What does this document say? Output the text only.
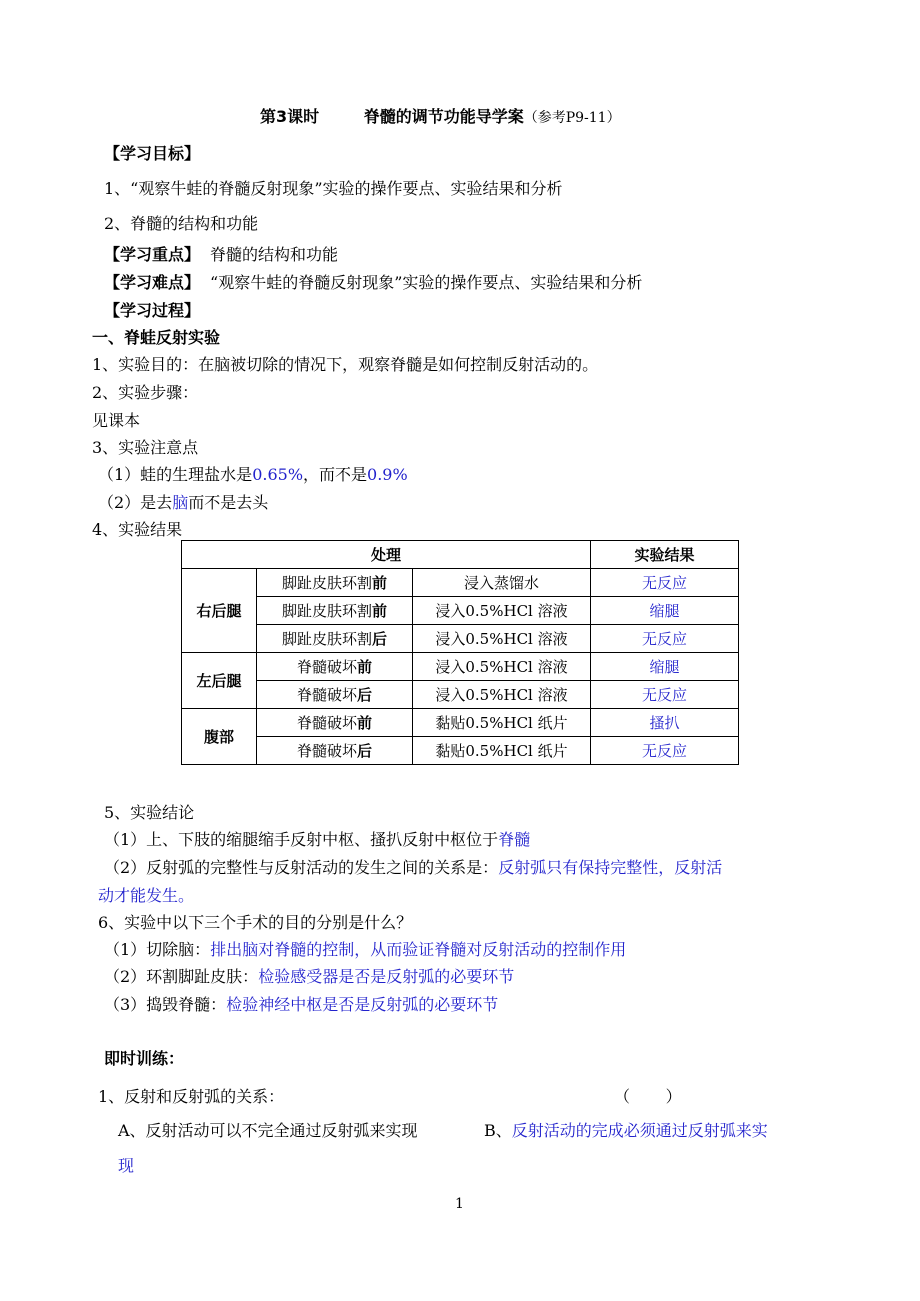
第3课时        脊髓的调节功能导学案（参考P9-11）
【学习目标】
1、“观察牛蛙的脊髓反射现象”实验的操作要点、实验结果和分析
2、脊髓的结构和功能
【学习重点】 脊髓的结构和功能
【学习难点】 “观察牛蛙的脊髓反射现象”实验的操作要点、实验结果和分析
【学习过程】
一、脊蛙反射实验
1、实验目的：在脑被切除的情况下，观察脊髓是如何控制反射活动的。
2、实验步骤：
见课本
3、实验注意点
（1）蛙的生理盐水是0.65%，而不是0.9%
（2）是去脑而不是去头
4、实验结果
处理			实验结果
右后腿	脚趾皮肤环割前	浸入蒸馏水	无反应
	脚趾皮肤环割前	浸入0.5%HCl 溶液	缩腿
	脚趾皮肤环割后	浸入0.5%HCl 溶液	无反应
左后腿	脊髓破坏前	浸入0.5%HCl 溶液	缩腿
	脊髓破坏后	浸入0.5%HCl 溶液	无反应
腹部	脊髓破坏前	黏贴0.5%HCl 纸片	搔扒
	脊髓破坏后	黏贴0.5%HCl 纸片	无反应
5、实验结论
（1）上、下肢的缩腿缩手反射中枢、搔扒反射中枢位于脊髓
（2）反射弧的完整性与反射活动的发生之间的关系是：反射弧只有保持完整性，反射活
动才能发生。
6、实验中以下三个手术的目的分别是什么？
（1）切除脑：排出脑对脊髓的控制，从而验证脊髓对反射活动的控制作用
（2）环割脚趾皮肤：检验感受器是否是反射弧的必要环节
（3）捣毁脊髓：检验神经中枢是否是反射弧的必要环节
即时训练：
1、反射和反射弧的关系：	（       ）
A、反射活动可以不完全通过反射弧来实现	B、反射活动的完成必须通过反射弧来实
现
1
